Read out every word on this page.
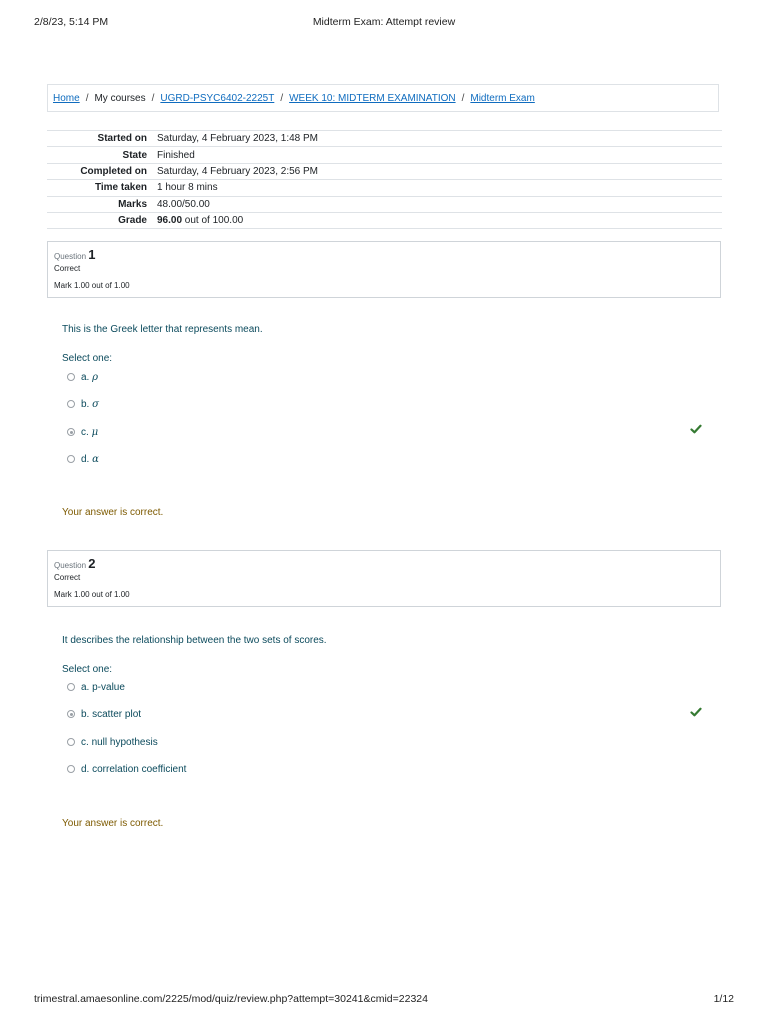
2/8/23, 5:14 PM	Midterm Exam: Attempt review
Home / My courses / UGRD-PSYC6402-2225T / WEEK 10: MIDTERM EXAMINATION / Midterm Exam
Started on	Saturday, 4 February 2023, 1:48 PM
State	Finished
Completed on	Saturday, 4 February 2023, 2:56 PM
Time taken	1 hour 8 mins
Marks	48.00/50.00
Grade	96.00 out of 100.00
Question 1
Correct
Mark 1.00 out of 1.00
This is the Greek letter that represents mean.
Select one:
a.
ρ
b.
σ
c.
μ
d.
α
Your answer is correct.
Question 2
Correct
Mark 1.00 out of 1.00
It describes the relationship between the two sets of scores.
Select one:
a.
p-value
b.
scatter plot
c.
null hypothesis
d.
correlation coefficient
Your answer is correct.
trimestral.amaesonline.com/2225/mod/quiz/review.php?attempt=30241&cmid=22324	1/12
